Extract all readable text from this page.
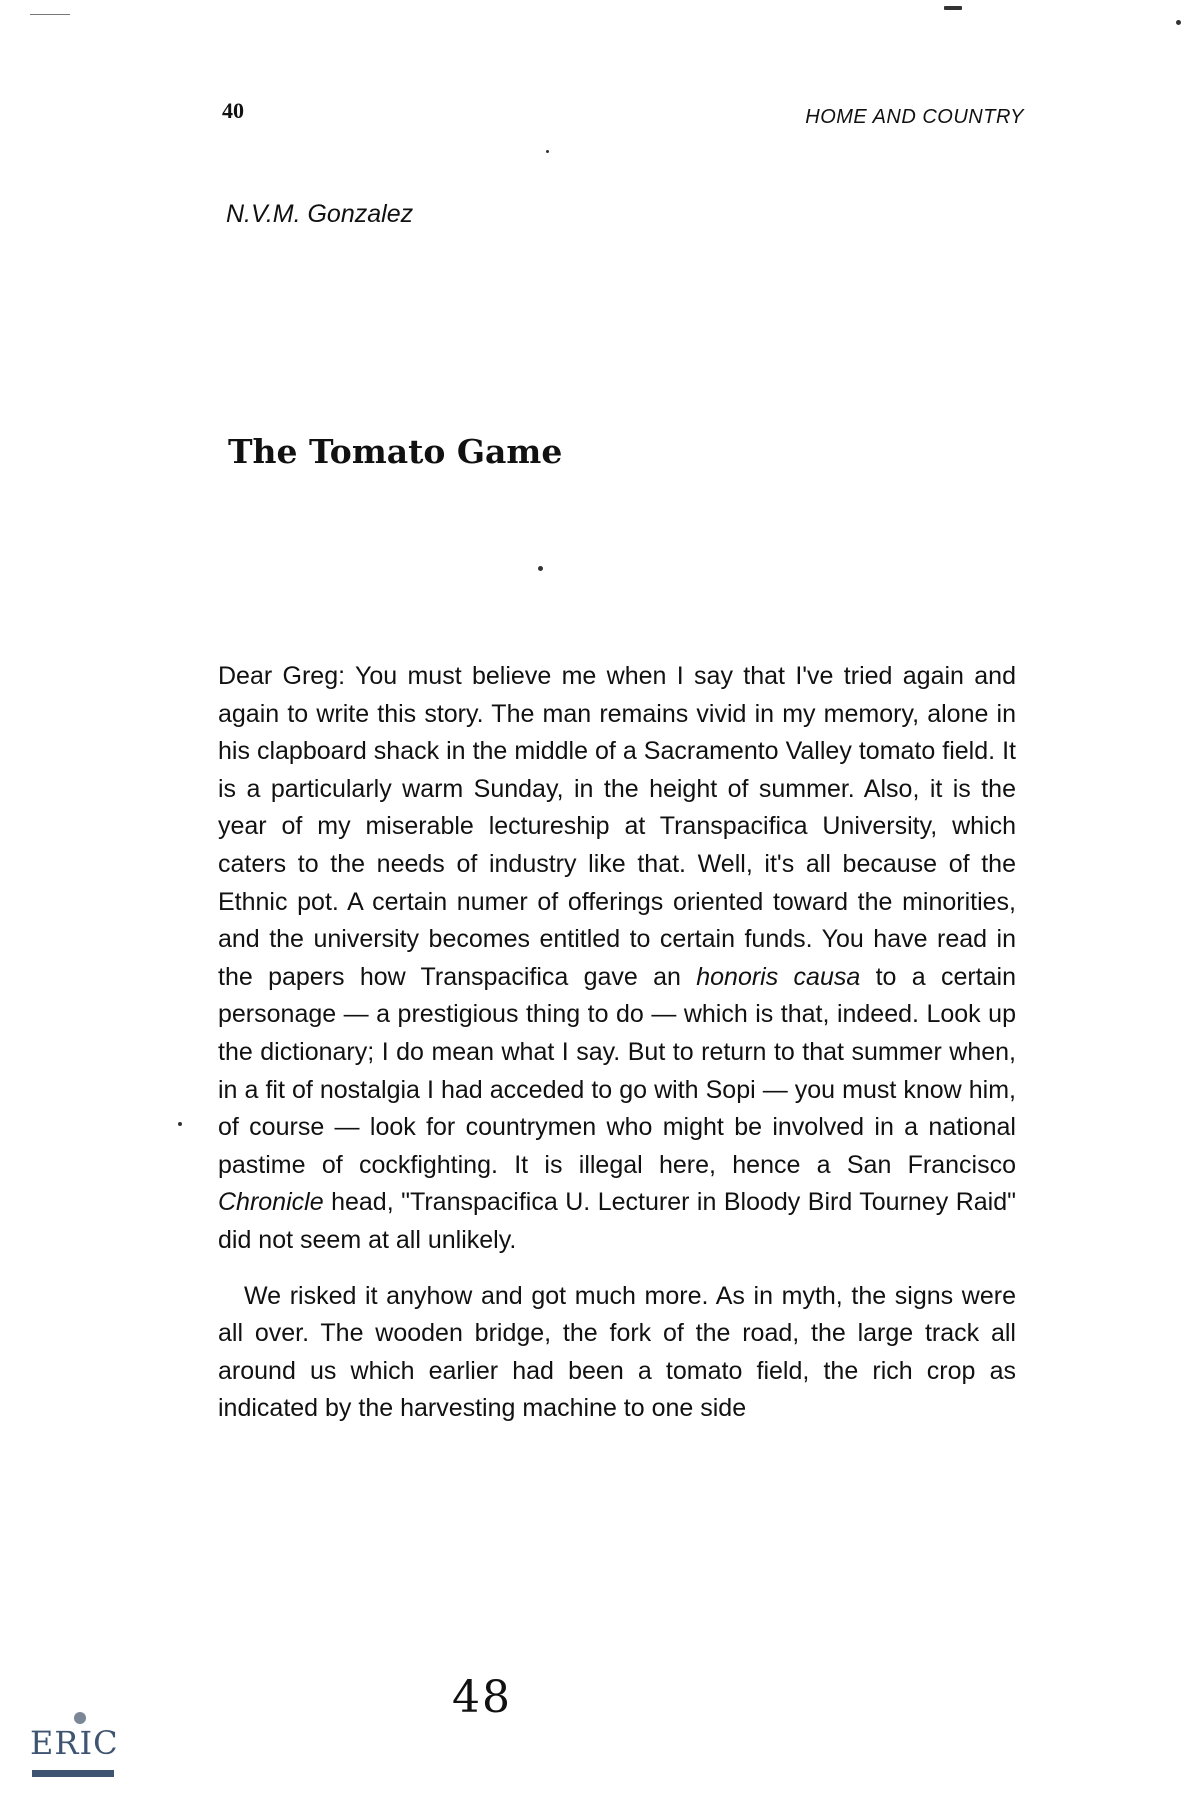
40	HOME AND COUNTRY
N.V.M. Gonzalez
The Tomato Game

Dear Greg: You must believe me when I say that I've tried again and again to write this story. The man remains vivid in my memory, alone in his clapboard shack in the middle of a Sacramento Valley tomato field. It is a particularly warm Sunday, in the height of summer. Also, it is the year of my miserable lectureship at Transpacifica University, which caters to the needs of industry like that. Well, it's all because of the Ethnic pot. A certain numer of offerings oriented toward the minorities, and the university becomes entitled to certain funds. You have read in the papers how Transpacifica gave an honoris causa to a certain personage — a prestigious thing to do — which is that, indeed. Look up the dictionary; I do mean what I say. But to return to that summer when, in a fit of nostalgia I had acceded to go with Sopi — you must know him, of course — look for countrymen who might be involved in a national pastime of cockfighting. It is illegal here, hence a San Francisco Chronicle head, "Transpacifica U. Lecturer in Bloody Bird Tourney Raid" did not seem at all unlikely.

We risked it anyhow and got much more. As in myth, the signs were all over. The wooden bridge, the fork of the road, the large track all around us which earlier had been a tomato field, the rich crop as indicated by the harvesting machine to one side

48
ERIC
